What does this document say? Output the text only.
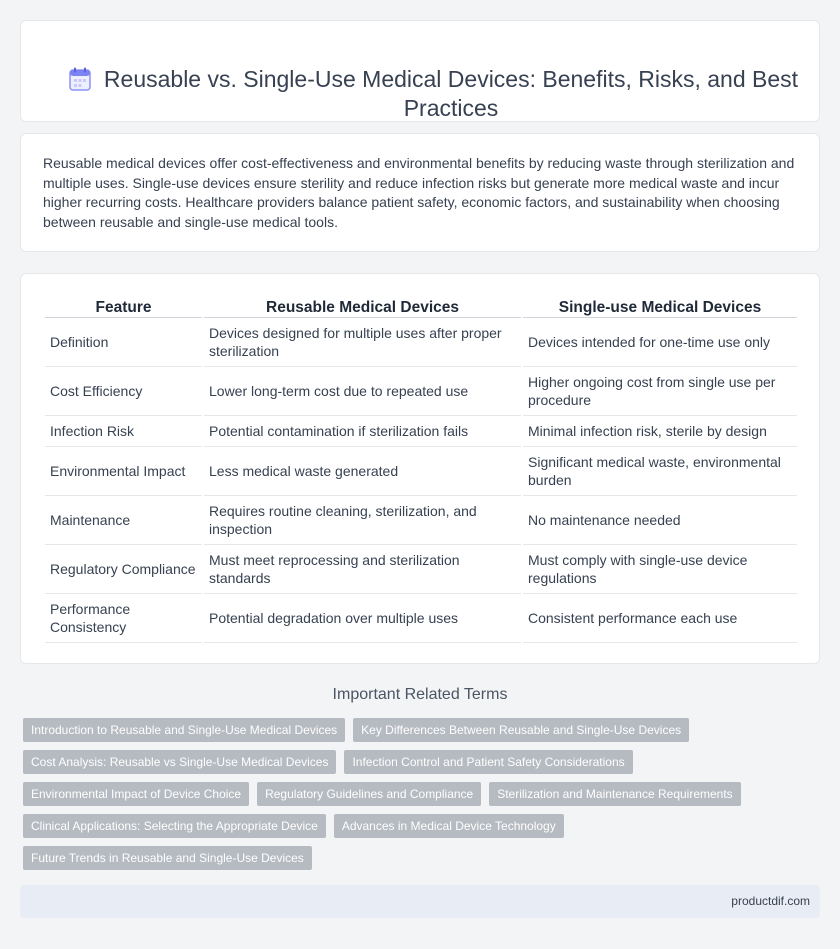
Reusable vs. Single-Use Medical Devices: Benefits, Risks, and Best Practices

Reusable medical devices offer cost-effectiveness and environmental benefits by reducing waste through sterilization and multiple uses. Single-use devices ensure sterility and reduce infection risks but generate more medical waste and incur higher recurring costs. Healthcare providers balance patient safety, economic factors, and sustainability when choosing between reusable and single-use medical tools.

Feature	Reusable Medical Devices	Single-use Medical Devices
Definition	Devices designed for multiple uses after proper sterilization	Devices intended for one-time use only
Cost Efficiency	Lower long-term cost due to repeated use	Higher ongoing cost from single use per procedure
Infection Risk	Potential contamination if sterilization fails	Minimal infection risk, sterile by design
Environmental Impact	Less medical waste generated	Significant medical waste, environmental burden
Maintenance	Requires routine cleaning, sterilization, and inspection	No maintenance needed
Regulatory Compliance	Must meet reprocessing and sterilization standards	Must comply with single-use device regulations
Performance Consistency	Potential degradation over multiple uses	Consistent performance each use
Important Related Terms
Introduction to Reusable and Single-Use Medical Devices	Key Differences Between Reusable and Single-Use Devices
Cost Analysis: Reusable vs Single-Use Medical Devices	Infection Control and Patient Safety Considerations
Environmental Impact of Device Choice	Regulatory Guidelines and Compliance	Sterilization and Maintenance Requirements
Clinical Applications: Selecting the Appropriate Device	Advances in Medical Device Technology
Future Trends in Reusable and Single-Use Devices
productdif.com
